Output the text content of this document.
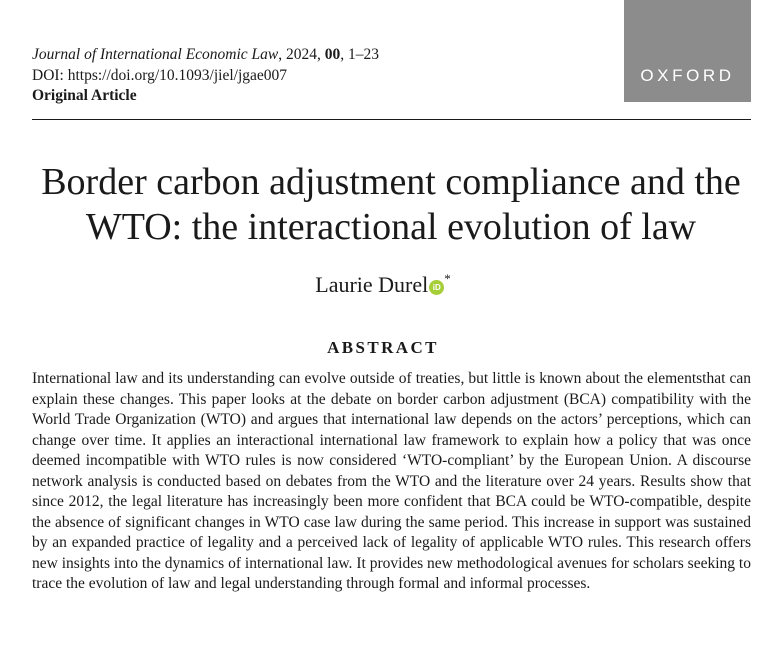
Journal of International Economic Law, 2024, 00, 1–23
DOI: https://doi.org/10.1093/jiel/jgae007
Original Article
OXFORD
Border carbon adjustment compliance and the WTO: the interactional evolution of law
Laurie Durel iD*
ABSTRACT

International law and its understanding can evolve outside of treaties, but little is known about the elementsthat can explain these changes. This paper looks at the debate on border carbon adjustment (BCA) compatibility with the World Trade Organization (WTO) and argues that international law depends on the actors’ perceptions, which can change over time. It applies an interactional international law framework to explain how a policy that was once deemed incompatible with WTO rules is now considered ‘WTO-compliant’ by the European Union. A discourse network analysis is conducted based on debates from the WTO and the literature over 24 years. Results show that since 2012, the legal literature has increasingly been more confident that BCA could be WTO-compatible, despite the absence of significant changes in WTO case law during the same period. This increase in support was sustained by an expanded practice of legality and a perceived lack of legality of applicable WTO rules. This research offers new insights into the dynamics of international law. It provides new methodological avenues for scholars seeking to trace the evolution of law and legal understanding through formal and informal processes.
